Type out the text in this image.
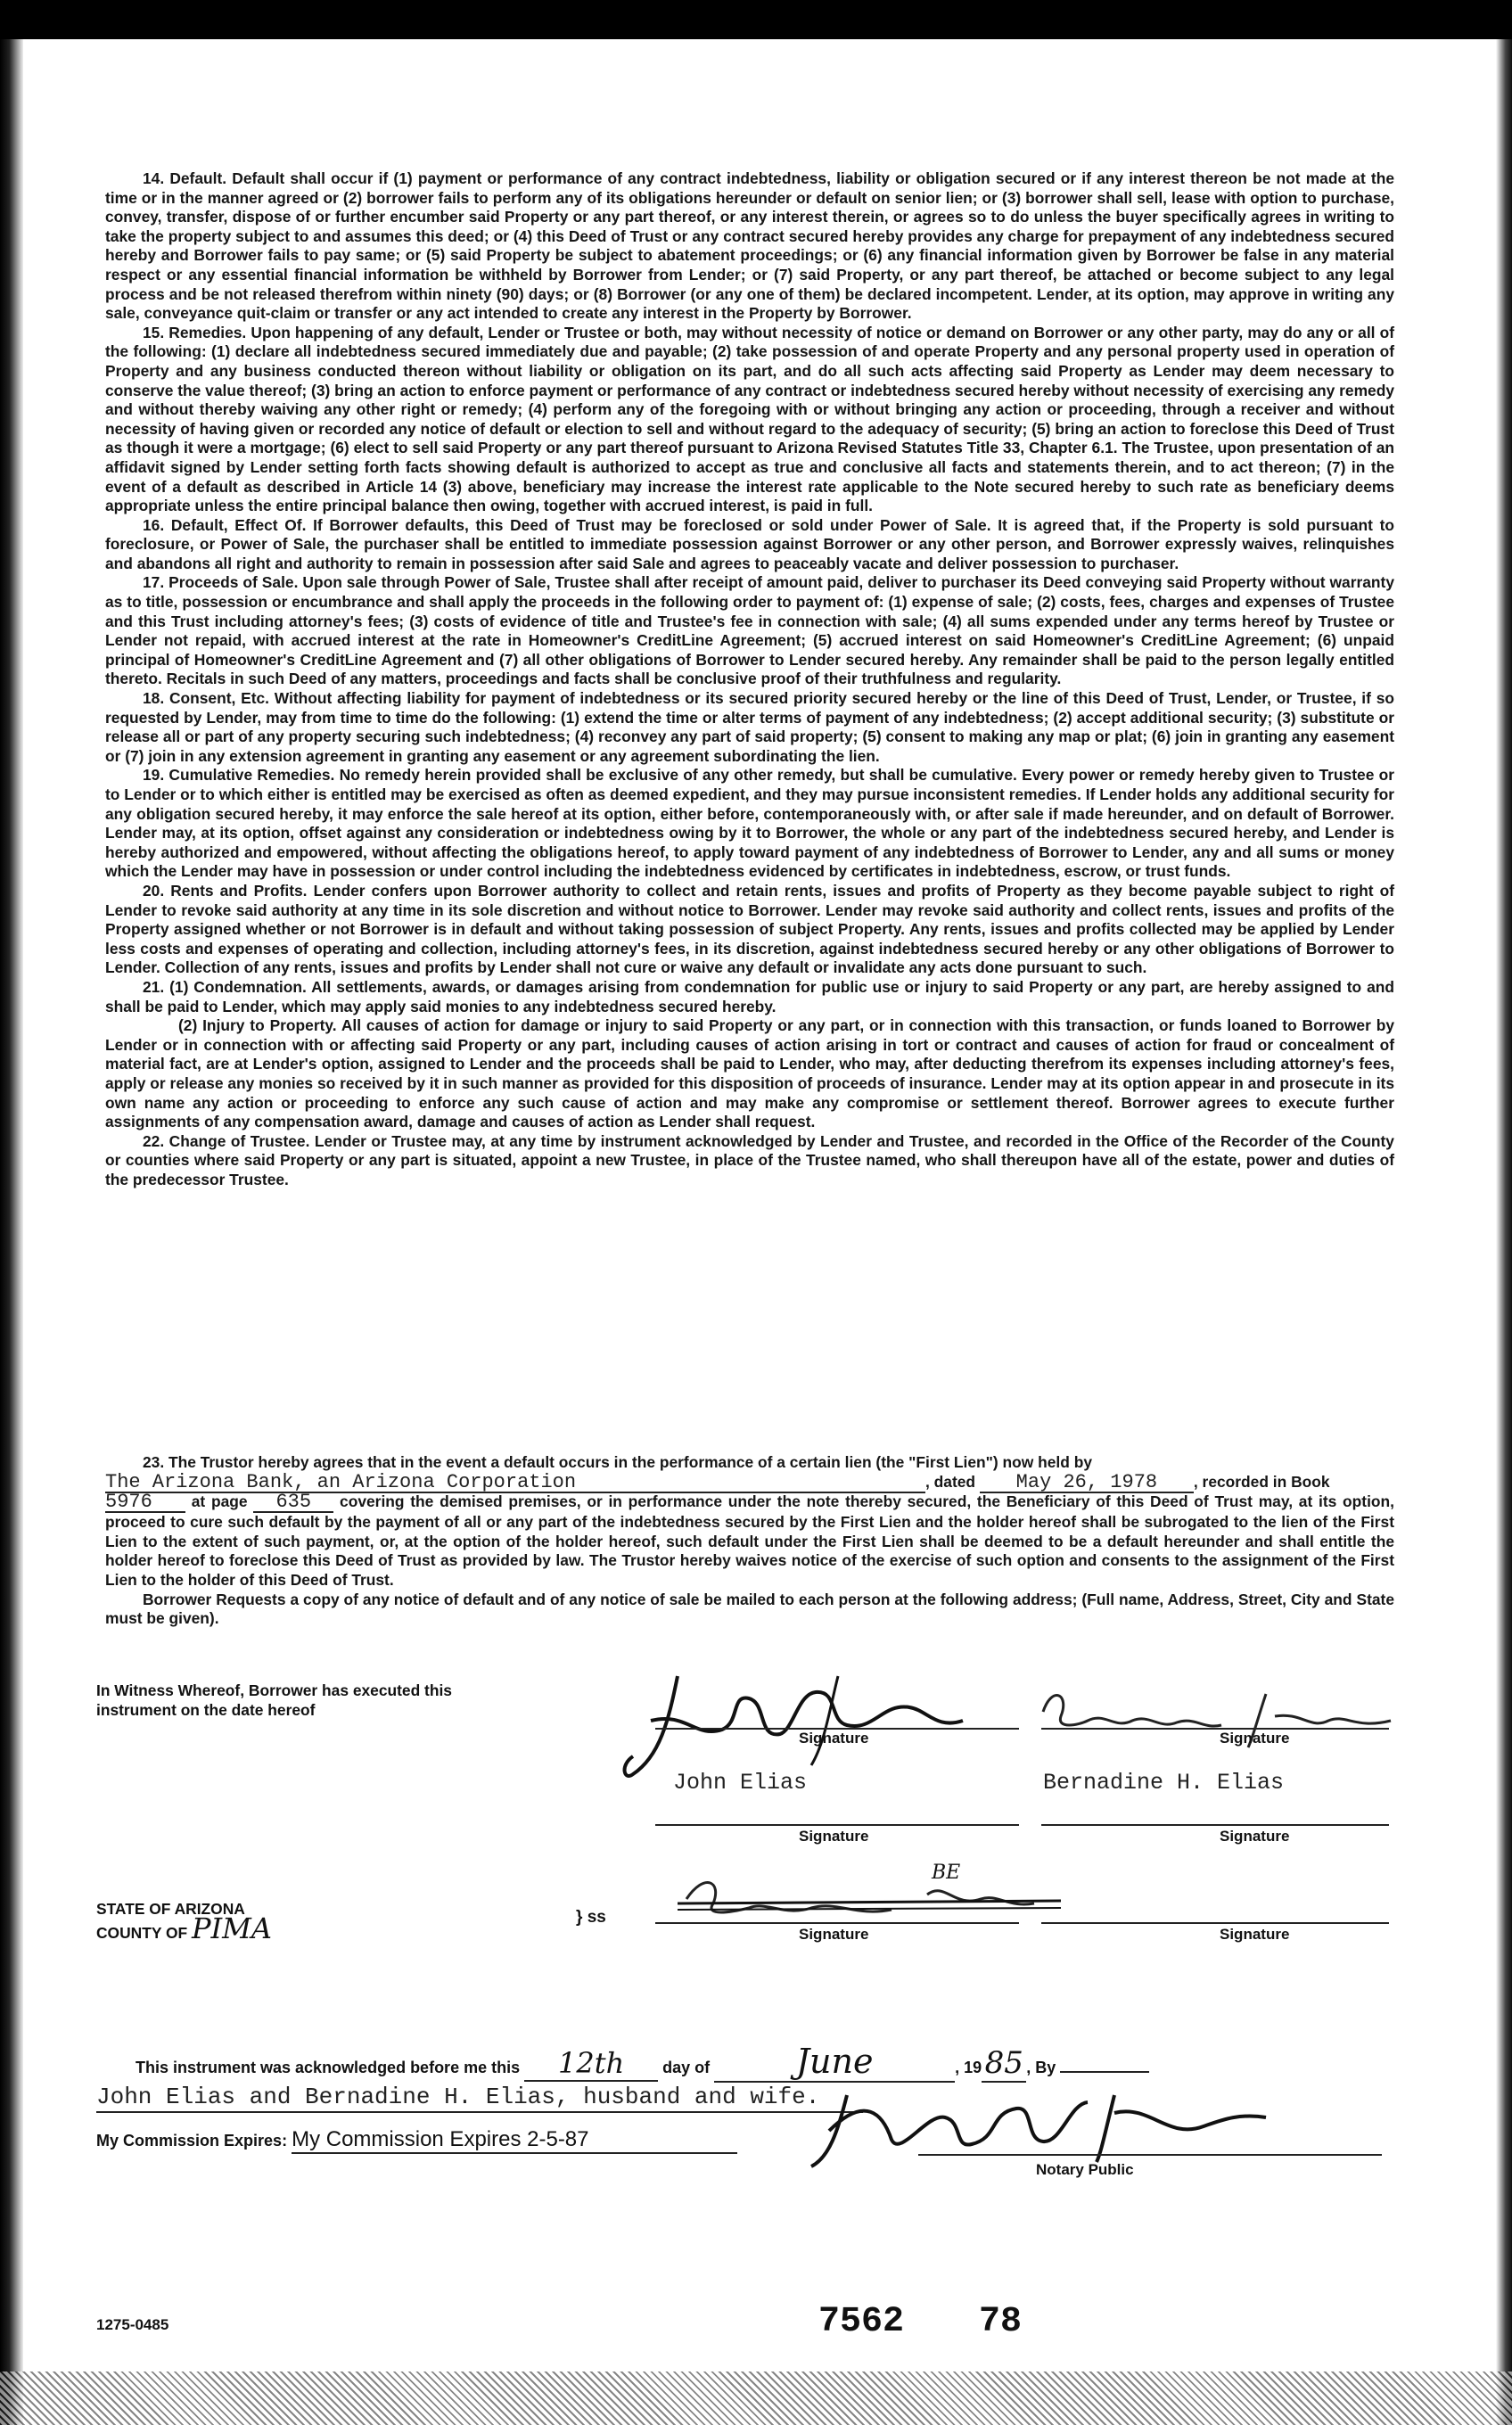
14. Default. Default shall occur if (1) payment or performance of any contract indebtedness, liability or obligation secured or if any interest thereon be not made at the time or in the manner agreed or (2) borrower fails to perform any of its obligations hereunder or default on senior lien; or (3) borrower shall sell, lease with option to purchase, convey, transfer, dispose of or further encumber said Property or any part thereof, or any interest therein, or agrees so to do unless the buyer specifically agrees in writing to take the property subject to and assumes this deed; or (4) this Deed of Trust or any contract secured hereby provides any charge for prepayment of any indebtedness secured hereby and Borrower fails to pay same; or (5) said Property be subject to abatement proceedings; or (6) any financial information given by Borrower be false in any material respect or any essential financial information be withheld by Borrower from Lender; or (7) said Property, or any part thereof, be attached or become subject to any legal process and be not released therefrom within ninety (90) days; or (8) Borrower (or any one of them) be declared incompetent. Lender, at its option, may approve in writing any sale, conveyance quit-claim or transfer or any act intended to create any interest in the Property by Borrower.

15. Remedies. Upon happening of any default, Lender or Trustee or both, may without necessity of notice or demand on Borrower or any other party, may do any or all of the following: (1) declare all indebtedness secured immediately due and payable; (2) take possession of and operate Property and any personal property used in operation of Property and any business conducted thereon without liability or obligation on its part, and do all such acts affecting said Property as Lender may deem necessary to conserve the value thereof; (3) bring an action to enforce payment or performance of any contract or indebtedness secured hereby without necessity of exercising any remedy and without thereby waiving any other right or remedy; (4) perform any of the foregoing with or without bringing any action or proceeding, through a receiver and without necessity of having given or recorded any notice of default or election to sell and without regard to the adequacy of security; (5) bring an action to foreclose this Deed of Trust as though it were a mortgage; (6) elect to sell said Property or any part thereof pursuant to Arizona Revised Statutes Title 33, Chapter 6.1. The Trustee, upon presentation of an affidavit signed by Lender setting forth facts showing default is authorized to accept as true and conclusive all facts and statements therein, and to act thereon; (7) in the event of a default as described in Article 14 (3) above, beneficiary may increase the interest rate applicable to the Note secured hereby to such rate as beneficiary deems appropriate unless the entire principal balance then owing, together with accrued interest, is paid in full.

16. Default, Effect Of. If Borrower defaults, this Deed of Trust may be foreclosed or sold under Power of Sale. It is agreed that, if the Property is sold pursuant to foreclosure, or Power of Sale, the purchaser shall be entitled to immediate possession against Borrower or any other person, and Borrower expressly waives, relinquishes and abandons all right and authority to remain in possession after said Sale and agrees to peaceably vacate and deliver possession to purchaser.

17. Proceeds of Sale. Upon sale through Power of Sale, Trustee shall after receipt of amount paid, deliver to purchaser its Deed conveying said Property without warranty as to title, possession or encumbrance and shall apply the proceeds in the following order to payment of: (1) expense of sale; (2) costs, fees, charges and expenses of Trustee and this Trust including attorney's fees; (3) costs of evidence of title and Trustee's fee in connection with sale; (4) all sums expended under any terms hereof by Trustee or Lender not repaid, with accrued interest at the rate in Homeowner's CreditLine Agreement; (5) accrued interest on said Homeowner's CreditLine Agreement; (6) unpaid principal of Homeowner's CreditLine Agreement and (7) all other obligations of Borrower to Lender secured hereby. Any remainder shall be paid to the person legally entitled thereto. Recitals in such Deed of any matters, proceedings and facts shall be conclusive proof of their truthfulness and regularity.

18. Consent, Etc. Without affecting liability for payment of indebtedness or its secured priority secured hereby or the line of this Deed of Trust, Lender, or Trustee, if so requested by Lender, may from time to time do the following: (1) extend the time or alter terms of payment of any indebtedness; (2) accept additional security; (3) substitute or release all or part of any property securing such indebtedness; (4) reconvey any part of said property; (5) consent to making any map or plat; (6) join in granting any easement or (7) join in any extension agreement in granting any easement or any agreement subordinating the lien.

19. Cumulative Remedies. No remedy herein provided shall be exclusive of any other remedy, but shall be cumulative. Every power or remedy hereby given to Trustee or to Lender or to which either is entitled may be exercised as often as deemed expedient, and they may pursue inconsistent remedies. If Lender holds any additional security for any obligation secured hereby, it may enforce the sale hereof at its option, either before, contemporaneously with, or after sale if made hereunder, and on default of Borrower. Lender may, at its option, offset against any consideration or indebtedness owing by it to Borrower, the whole or any part of the indebtedness secured hereby, and Lender is hereby authorized and empowered, without affecting the obligations hereof, to apply toward payment of any indebtedness of Borrower to Lender, any and all sums or money which the Lender may have in possession or under control including the indebtedness evidenced by certificates in indebtedness, escrow, or trust funds.

20. Rents and Profits. Lender confers upon Borrower authority to collect and retain rents, issues and profits of Property as they become payable subject to right of Lender to revoke said authority at any time in its sole discretion and without notice to Borrower. Lender may revoke said authority and collect rents, issues and profits of the Property assigned whether or not Borrower is in default and without taking possession of subject Property. Any rents, issues and profits collected may be applied by Lender less costs and expenses of operating and collection, including attorney's fees, in its discretion, against indebtedness secured hereby or any other obligations of Borrower to Lender. Collection of any rents, issues and profits by Lender shall not cure or waive any default or invalidate any acts done pursuant to such.

21. (1) Condemnation. All settlements, awards, or damages arising from condemnation for public use or injury to said Property or any part, are hereby assigned to and shall be paid to Lender, which may apply said monies to any indebtedness secured hereby.

(2) Injury to Property. All causes of action for damage or injury to said Property or any part, or in connection with this transaction, or funds loaned to Borrower by Lender or in connection with or affecting said Property or any part, including causes of action arising in tort or contract and causes of action for fraud or concealment of material fact, are at Lender's option, assigned to Lender and the proceeds shall be paid to Lender, who may, after deducting therefrom its expenses including attorney's fees, apply or release any monies so received by it in such manner as provided for this disposition of proceeds of insurance. Lender may at its option appear in and prosecute in its own name any action or proceeding to enforce any such cause of action and may make any compromise or settlement thereof. Borrower agrees to execute further assignments of any compensation award, damage and causes of action as Lender shall request.

22. Change of Trustee. Lender or Trustee may, at any time by instrument acknowledged by Lender and Trustee, and recorded in the Office of the Recorder of the County or counties where said Property or any part is situated, appoint a new Trustee, in place of the Trustee named, who shall thereupon have all of the estate, power and duties of the predecessor Trustee.

23. The Trustor hereby agrees that in the event a default occurs in the performance of a certain lien (the "First Lien") now held by
The Arizona Bank, an Arizona Corporation	, dated May 26, 1978 , recorded in Book
5976	at page 635 covering the demised premises, or in performance under the note thereby secured, the Beneficiary of this Deed of Trust may, at its option, proceed to cure such default by the payment of all or any part of the indebtedness secured by the First Lien and the holder hereof shall be subrogated to the lien of the First Lien to the extent of such payment, or, at the option of the holder hereof, such default under the First Lien shall be deemed to be a default hereunder and shall entitle the holder hereof to foreclose this Deed of Trust as provided by law. The Trustor hereby waives notice of the exercise of such option and consents to the assignment of the First Lien to the holder of this Deed of Trust.
Borrower Requests a copy of any notice of default and of any notice of sale be mailed to each person at the following address; (Full name, Address, Street, City and State must be given).
In Witness Whereof, Borrower has executed this instrument on the date hereof
Signature	Signature
John Elias	Bernadine H. Elias
Signature	Signature
STATE OF ARIZONA
COUNTY OF PIMA	} ss
BE
Signature	Signature
This instrument was acknowledged before me this 12th day of	June	, 1985 , By
John Elias and Bernadine H. Elias, husband and wife.
My Commission Expires: My Commission Expires 2-5-87
Notary Public
1275-0485	7562 78
